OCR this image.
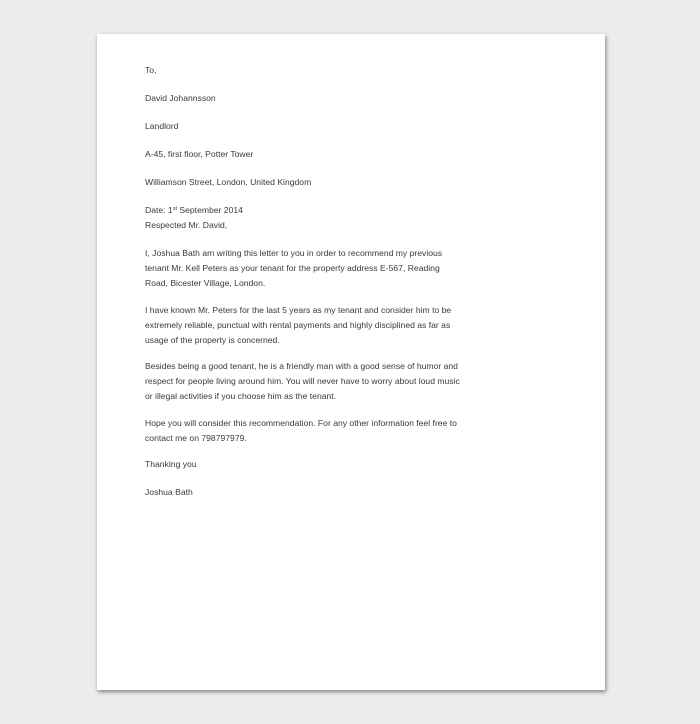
To,

David Johannsson

Landlord

A-45, first floor, Potter Tower

Williamson Street, London, United Kingdom

Date: 1st September 2014

Respected Mr. David,

I, Joshua Bath am writing this letter to you in order to recommend my previous tenant Mr. Kell Peters as your tenant for the property address E-567, Reading Road, Bicester Village, London.

I have known Mr. Peters for the last 5 years as my tenant and consider him to be extremely reliable, punctual with rental payments and highly disciplined as far as usage of the property is concerned.

Besides being a good tenant, he is a friendly man with a good sense of humor and respect for people living around him. You will never have to worry about loud music or illegal activities if you choose him as the tenant.

Hope you will consider this recommendation. For any other information feel free to contact me on 798797979.

Thanking you

Joshua Bath
